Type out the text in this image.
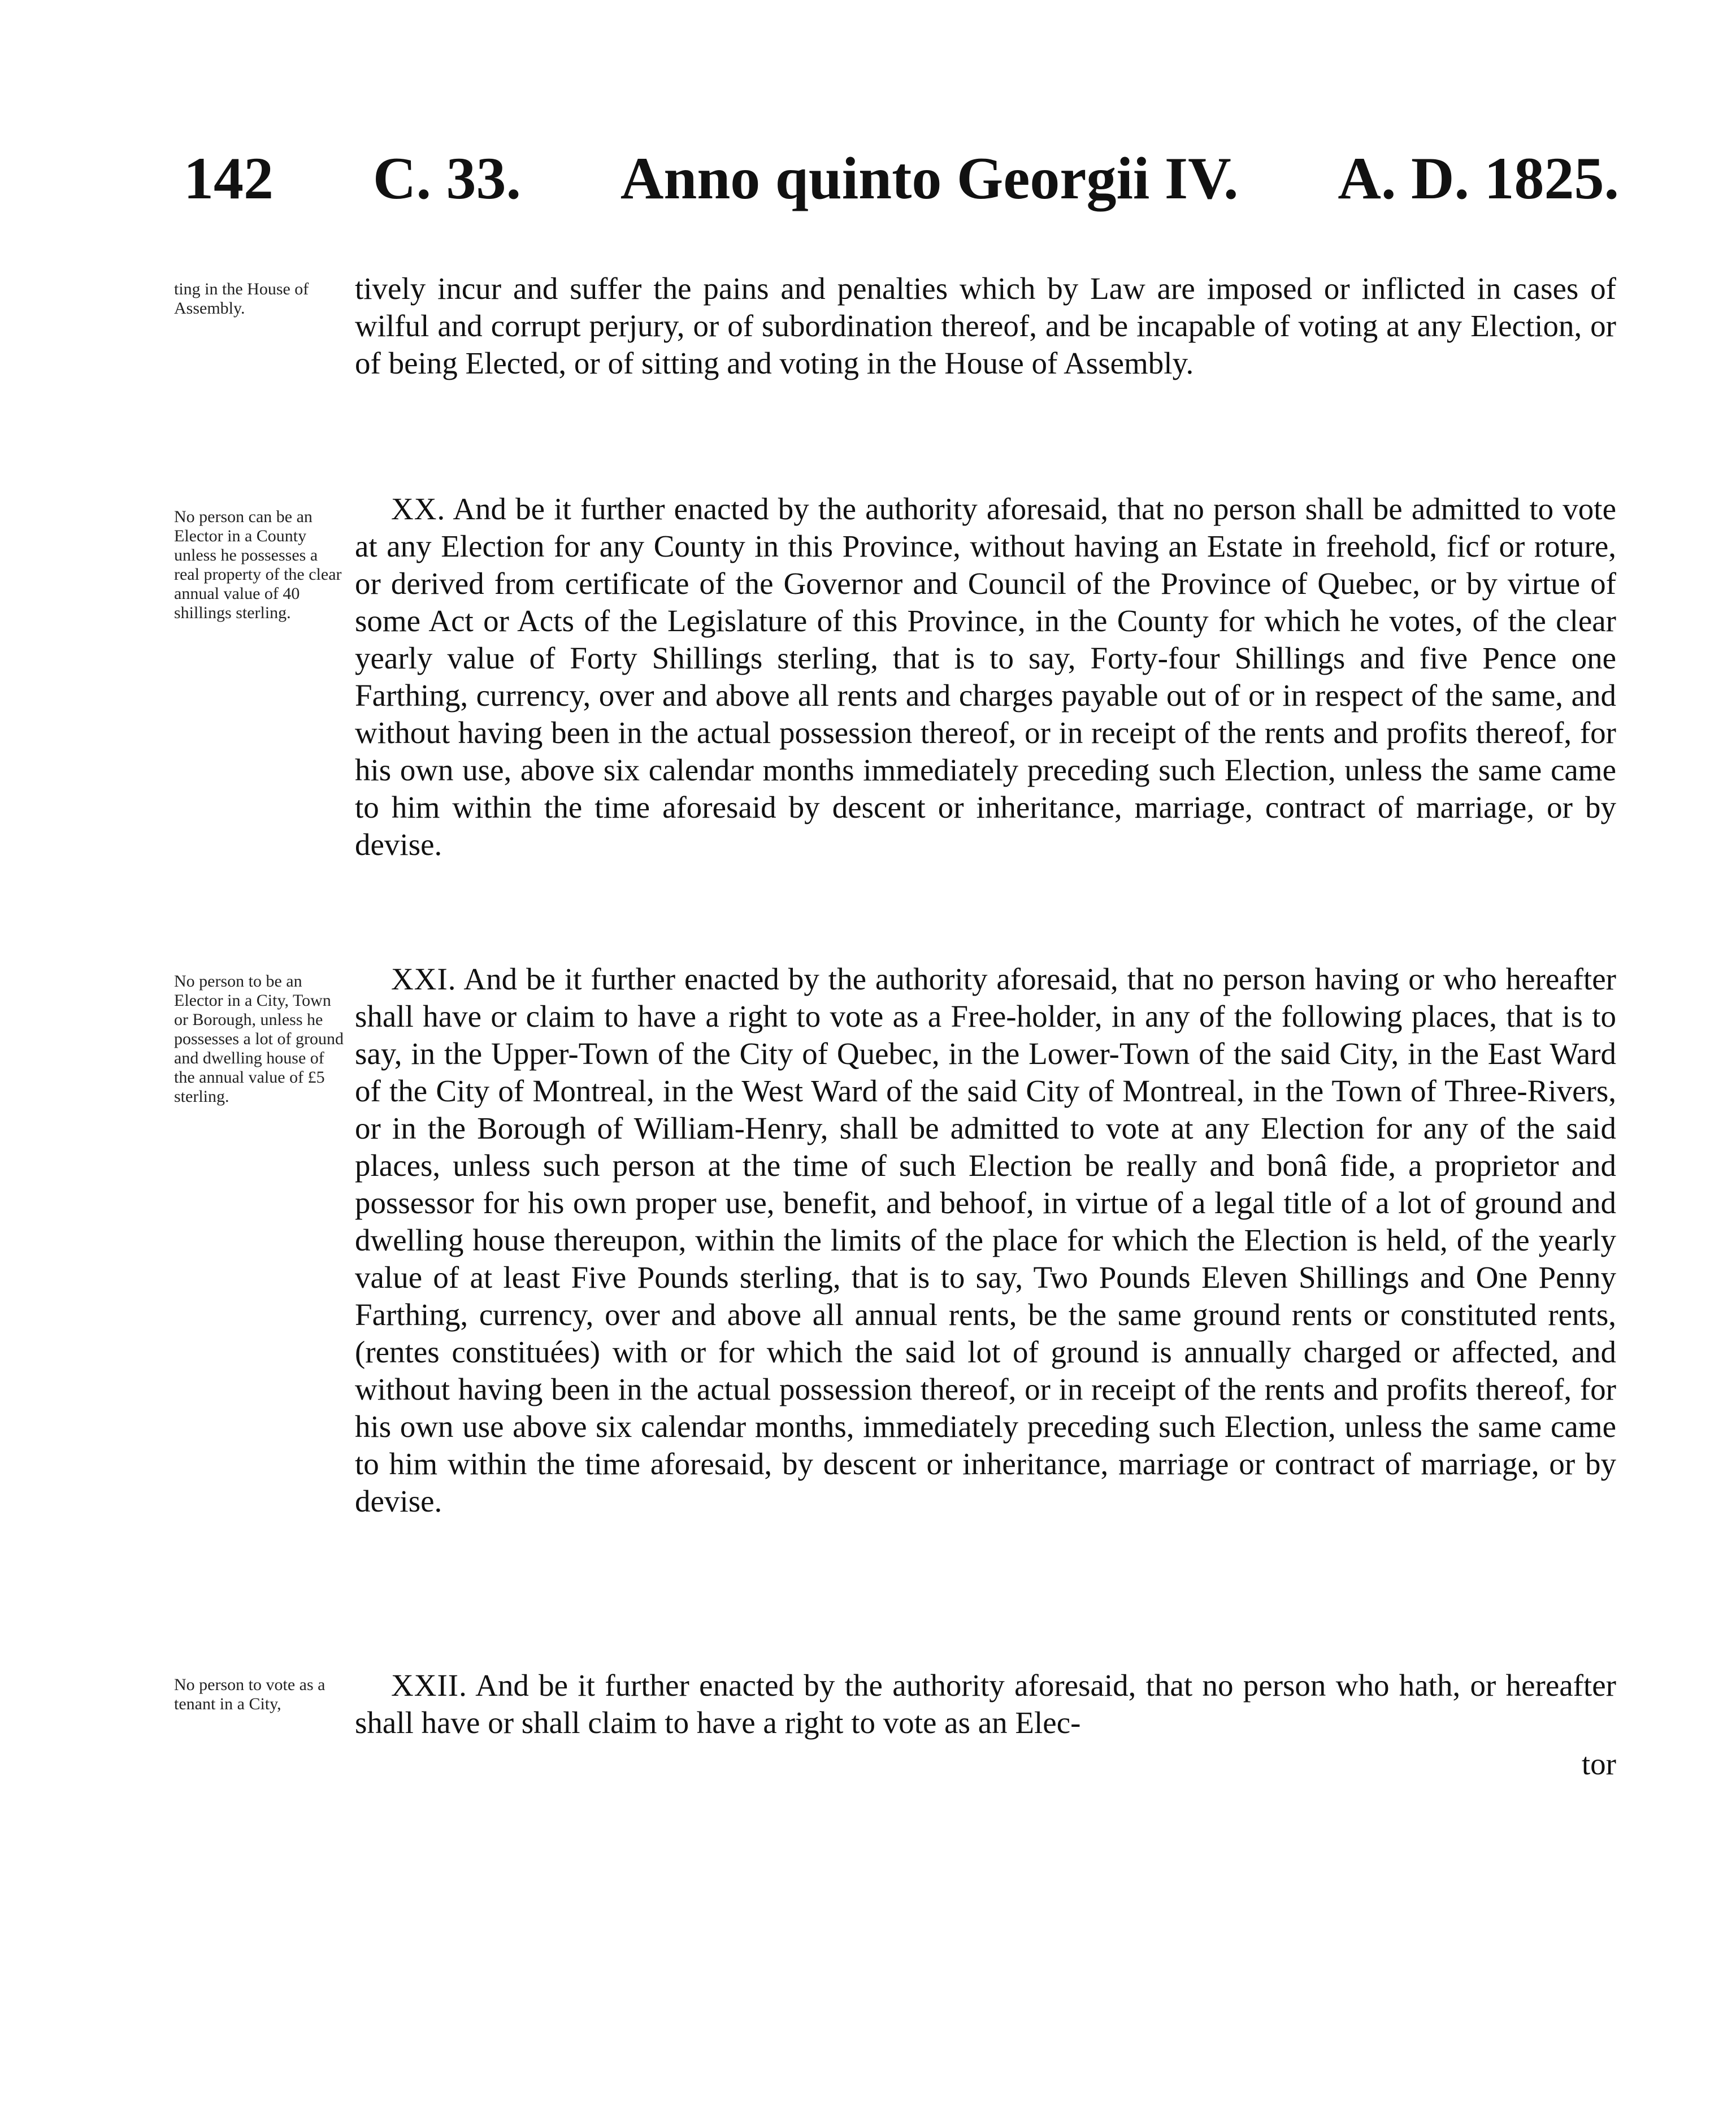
142 C. 33. Anno quinto Georgii IV. A. D. 1825.
ting in the House of Assembly.
No person can be an Elector in a County unless he possesses a real property of the clear annual value of 40 shillings sterling.
No person to be an Elector in a City, Town or Borough, unless he possesses a lot of ground and dwelling house of the annual value of £5 sterling.
No person to vote as a tenant in a City,
tively incur and suffer the pains and penalties which by Law are imposed or inflicted in cases of wilful and corrupt perjury, or of subordination thereof, and be incapable of voting at any Election, or of being Elected, or of sitting and voting in the House of Assembly.
XX. And be it further enacted by the authority aforesaid, that no person shall be admitted to vote at any Election for any County in this Province, without having an Estate in freehold, ficf or roture, or derived from certificate of the Governor and Council of the Province of Quebec, or by virtue of some Act or Acts of the Legislature of this Province, in the County for which he votes, of the clear yearly value of Forty Shillings sterling, that is to say, Forty-four Shillings and five Pence one Farthing, currency, over and above all rents and charges payable out of or in respect of the same, and without having been in the actual possession thereof, or in receipt of the rents and profits thereof, for his own use, above six calendar months immediately preceding such Election, unless the same came to him within the time aforesaid by descent or inheritance, marriage, contract of marriage, or by devise.
XXI. And be it further enacted by the authority aforesaid, that no person having or who hereafter shall have or claim to have a right to vote as a Free-holder, in any of the following places, that is to say, in the Upper-Town of the City of Quebec, in the Lower-Town of the said City, in the East Ward of the City of Montreal, in the West Ward of the said City of Montreal, in the Town of Three-Rivers, or in the Borough of William-Henry, shall be admitted to vote at any Election for any of the said places, unless such person at the time of such Election be really and bonâ fide, a proprietor and possessor for his own proper use, benefit, and behoof, in virtue of a legal title of a lot of ground and dwelling house thereupon, within the limits of the place for which the Election is held, of the yearly value of at least Five Pounds sterling, that is to say, Two Pounds Eleven Shillings and One Penny Farthing, currency, over and above all annual rents, be the same ground rents or constituted rents, (rentes constituées) with or for which the said lot of ground is annually charged or affected, and without having been in the actual possession thereof, or in receipt of the rents and profits thereof, for his own use above six calendar months, immediately preceding such Election, unless the same came to him within the time aforesaid, by descent or inheritance, marriage or contract of marriage, or by devise.
XXII. And be it further enacted by the authority aforesaid, that no person who hath, or hereafter shall have or shall claim to have a right to vote as an Elec-
tor
